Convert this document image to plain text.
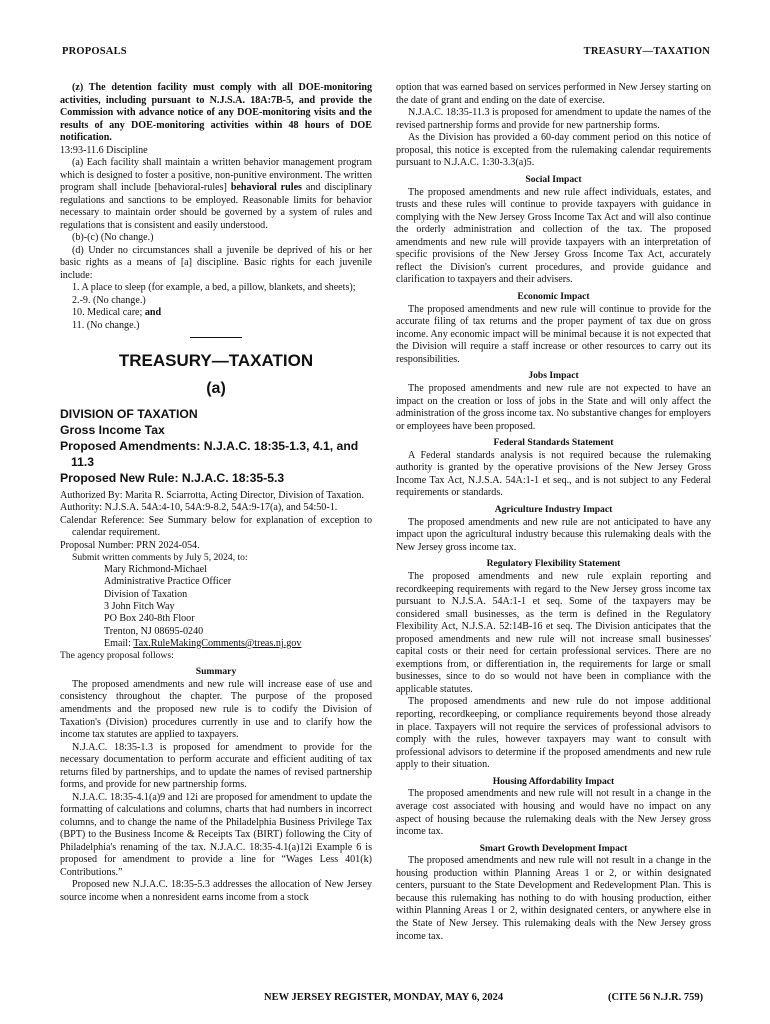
PROPOSALS	TREASURY—TAXATION

(z) The detention facility must comply with all DOE-monitoring activities, including pursuant to N.J.S.A. 18A:7B-5, and provide the Commission with advance notice of any DOE-monitoring visits and the results of any DOE-monitoring activities within 48 hours of DOE notification.

13:93-11.6 Discipline

(a) Each facility shall maintain a written behavior management program which is designed to foster a positive, non-punitive environment. The written program shall include [behavioral-rules] behavioral rules and disciplinary regulations and sanctions to be employed. Reasonable limits for behavior necessary to maintain order should be governed by a system of rules and regulations that is consistent and easily understood.

(b)-(c) (No change.)

(d) Under no circumstances shall a juvenile be deprived of his or her basic rights as a means of [a] discipline. Basic rights for each juvenile include:

1. A place to sleep (for example, a bed, a pillow, blankets, and sheets);

2.-9. (No change.)

10. Medical care; and

11. (No change.)

TREASURY—TAXATION
(a)
DIVISION OF TAXATION
Gross Income Tax
Proposed Amendments: N.J.A.C. 18:35-1.3, 4.1, and 11.3
Proposed New Rule: N.J.A.C. 18:35-5.3

Authorized By: Marita R. Sciarrotta, Acting Director, Division of Taxation.

Authority: N.J.S.A. 54A:4-10, 54A:9-8.2, 54A:9-17(a), and 54:50-1.

Calendar Reference: See Summary below for explanation of exception to calendar requirement.

Proposal Number: PRN 2024-054.

Submit written comments by July 5, 2024, to:

Mary Richmond-Michael
Administrative Practice Officer
Division of Taxation
3 John Fitch Way
PO Box 240-8th Floor
Trenton, NJ 08695-0240
Email: Tax.RuleMakingComments@treas.nj.gov

The agency proposal follows:

Summary

The proposed amendments and new rule will increase ease of use and consistency throughout the chapter. The purpose of the proposed amendments and the proposed new rule is to codify the Division of Taxation's (Division) procedures currently in use and to clarify how the income tax statutes are applied to taxpayers.

N.J.A.C. 18:35-1.3 is proposed for amendment to provide for the necessary documentation to perform accurate and efficient auditing of tax returns filed by partnerships, and to update the names of revised partnership forms, and provide for new partnership forms.

N.J.A.C. 18:35-4.1(a)9 and 12i are proposed for amendment to update the formatting of calculations and columns, charts that had numbers in incorrect columns, and to change the name of the Philadelphia Business Privilege Tax (BPT) to the Business Income & Receipts Tax (BIRT) following the City of Philadelphia's renaming of the tax. N.J.A.C. 18:35-4.1(a)12i Example 6 is proposed for amendment to provide a line for “Wages Less 401(k) Contributions.”

Proposed new N.J.A.C. 18:35-5.3 addresses the allocation of New Jersey source income when a nonresident earns income from a stock

option that was earned based on services performed in New Jersey starting on the date of grant and ending on the date of exercise.

N.J.A.C. 18:35-11.3 is proposed for amendment to update the names of the revised partnership forms and provide for new partnership forms.

As the Division has provided a 60-day comment period on this notice of proposal, this notice is excepted from the rulemaking calendar requirements pursuant to N.J.A.C. 1:30-3.3(a)5.

Social Impact

The proposed amendments and new rule affect individuals, estates, and trusts and these rules will continue to provide taxpayers with guidance in complying with the New Jersey Gross Income Tax Act and will also continue the orderly administration and collection of the tax. The proposed amendments and new rule will provide taxpayers with an interpretation of specific provisions of the New Jersey Gross Income Tax Act, accurately reflect the Division's current procedures, and provide guidance and clarification to taxpayers and their advisers.

Economic Impact

The proposed amendments and new rule will continue to provide for the accurate filing of tax returns and the proper payment of tax due on gross income. Any economic impact will be minimal because it is not expected that the Division will require a staff increase or other resources to carry out its responsibilities.

Jobs Impact

The proposed amendments and new rule are not expected to have an impact on the creation or loss of jobs in the State and will only affect the administration of the gross income tax. No substantive changes for employers or employees have been proposed.

Federal Standards Statement

A Federal standards analysis is not required because the rulemaking authority is granted by the operative provisions of the New Jersey Gross Income Tax Act, N.J.S.A. 54A:1-1 et seq., and is not subject to any Federal requirements or standards.

Agriculture Industry Impact

The proposed amendments and new rule are not anticipated to have any impact upon the agricultural industry because this rulemaking deals with the New Jersey gross income tax.

Regulatory Flexibility Statement

The proposed amendments and new rule explain reporting and recordkeeping requirements with regard to the New Jersey gross income tax pursuant to N.J.S.A. 54A:1-1 et seq. Some of the taxpayers may be considered small businesses, as the term is defined in the Regulatory Flexibility Act, N.J.S.A. 52:14B-16 et seq. The Division anticipates that the proposed amendments and new rule will not increase small businesses' capital costs or their need for certain professional services. There are no exemptions from, or differentiation in, the requirements for large or small businesses, since to do so would not have been in compliance with the applicable statutes.

The proposed amendments and new rule do not impose additional reporting, recordkeeping, or compliance requirements beyond those already in place. Taxpayers will not require the services of professional advisors to comply with the rules, however taxpayers may want to consult with professional advisors to determine if the proposed amendments and new rule apply to their situation.

Housing Affordability Impact

The proposed amendments and new rule will not result in a change in the average cost associated with housing and would have no impact on any aspect of housing because the rulemaking deals with the New Jersey gross income tax.

Smart Growth Development Impact

The proposed amendments and new rule will not result in a change in the housing production within Planning Areas 1 or 2, or within designated centers, pursuant to the State Development and Redevelopment Plan. This is because this rulemaking has nothing to do with housing production, either within Planning Areas 1 or 2, within designated centers, or anywhere else in the State of New Jersey. This rulemaking deals with the New Jersey gross income tax.

NEW JERSEY REGISTER, MONDAY, MAY 6, 2024	(CITE 56 N.J.R. 759)
